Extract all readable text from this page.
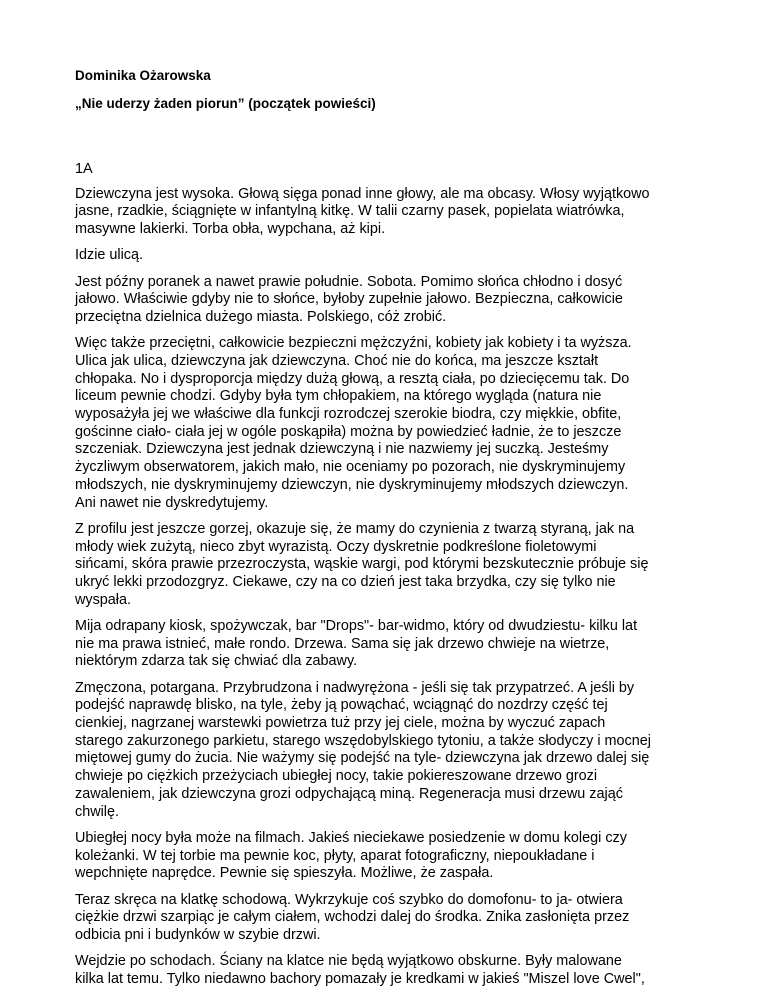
Dominika Ożarowska
„Nie uderzy żaden piorun” (początek powieści)
1A
Dziewczyna jest wysoka. Głową sięga ponad inne głowy, ale ma obcasy. Włosy wyjątkowo
jasne, rzadkie, ściągnięte w infantylną kitkę. W talii czarny pasek, popielata wiatrówka,
masywne lakierki. Torba obła, wypchana, aż kipi.
Idzie ulicą.
Jest późny poranek a nawet prawie południe. Sobota. Pomimo słońca chłodno i dosyć
jałowo. Właściwie gdyby nie to słońce, byłoby zupełnie jałowo. Bezpieczna, całkowicie
przeciętna dzielnica dużego miasta. Polskiego, cóż zrobić.
Więc także przeciętni, całkowicie bezpieczni mężczyźni, kobiety jak kobiety i ta wyższa.
Ulica jak ulica, dziewczyna jak dziewczyna. Choć nie do końca, ma jeszcze kształt
chłopaka. No i dysproporcja między dużą głową, a resztą ciała, po dziecięcemu tak. Do
liceum pewnie chodzi. Gdyby była tym chłopakiem, na którego wygląda (natura nie
wyposażyła jej we właściwe dla funkcji rozrodczej szerokie biodra, czy miękkie, obfite,
gościnne ciało- ciała jej w ogóle poskąpiła) można by powiedzieć ładnie, że to jeszcze
szczeniak. Dziewczyna jest jednak dziewczyną i nie nazwiemy jej suczką. Jesteśmy
życzliwym obserwatorem, jakich mało, nie oceniamy po pozorach, nie dyskryminujemy
młodszych, nie dyskryminujemy dziewczyn, nie dyskryminujemy młodszych dziewczyn.
Ani nawet nie dyskredytujemy.
Z profilu jest jeszcze gorzej, okazuje się, że mamy do czynienia z twarzą styraną, jak na
młody wiek zużytą, nieco zbyt wyrazistą. Oczy dyskretnie podkreślone fioletowymi
sińcami, skóra prawie przezroczysta, wąskie wargi, pod którymi bezskutecznie próbuje się
ukryć lekki przodozgryz. Ciekawe, czy na co dzień jest taka brzydka, czy się tylko nie
wyspała.
Mija odrapany kiosk, spożywczak, bar "Drops"- bar-widmo, który od dwudziestu- kilku lat
nie ma prawa istnieć, małe rondo. Drzewa. Sama się jak drzewo chwieje na wietrze,
niektórym zdarza tak się chwiać dla zabawy.
Zmęczona, potargana. Przybrudzona i nadwyrężona - jeśli się tak przypatrzeć. A jeśli by
podejść naprawdę blisko, na tyle, żeby ją powąchać, wciągnąć do nozdrzy część tej
cienkiej, nagrzanej warstewki powietrza tuż przy jej ciele, można by wyczuć zapach
starego zakurzonego parkietu, starego wszędobylskiego tytoniu, a także słodyczy i mocnej
miętowej gumy do żucia. Nie ważymy się podejść na tyle- dziewczyna jak drzewo dalej się
chwieje po ciężkich przeżyciach ubiegłej nocy, takie pokiereszowane drzewo grozi
zawaleniem, jak dziewczyna grozi odpychającą miną. Regeneracja musi drzewu zająć
chwilę.
Ubiegłej nocy była może na filmach. Jakieś nieciekawe posiedzenie w domu kolegi czy
koleżanki. W tej torbie ma pewnie koc, płyty, aparat fotograficzny, niepoukładane i
wepchnięte naprędce. Pewnie się spieszyła. Możliwe, że zaspała.
Teraz skręca na klatkę schodową. Wykrzykuje coś szybko do domofonu- to ja- otwiera
ciężkie drzwi szarpiąc je całym ciałem, wchodzi dalej do środka. Znika zasłonięta przez
odbicia pni i budynków w szybie drzwi.
Wejdzie po schodach. Ściany na klatce nie będą wyjątkowo obskurne. Były malowane
kilka lat temu. Tylko niedawno bachory pomazały je kredkami w jakieś "Miszel love Cwel",
